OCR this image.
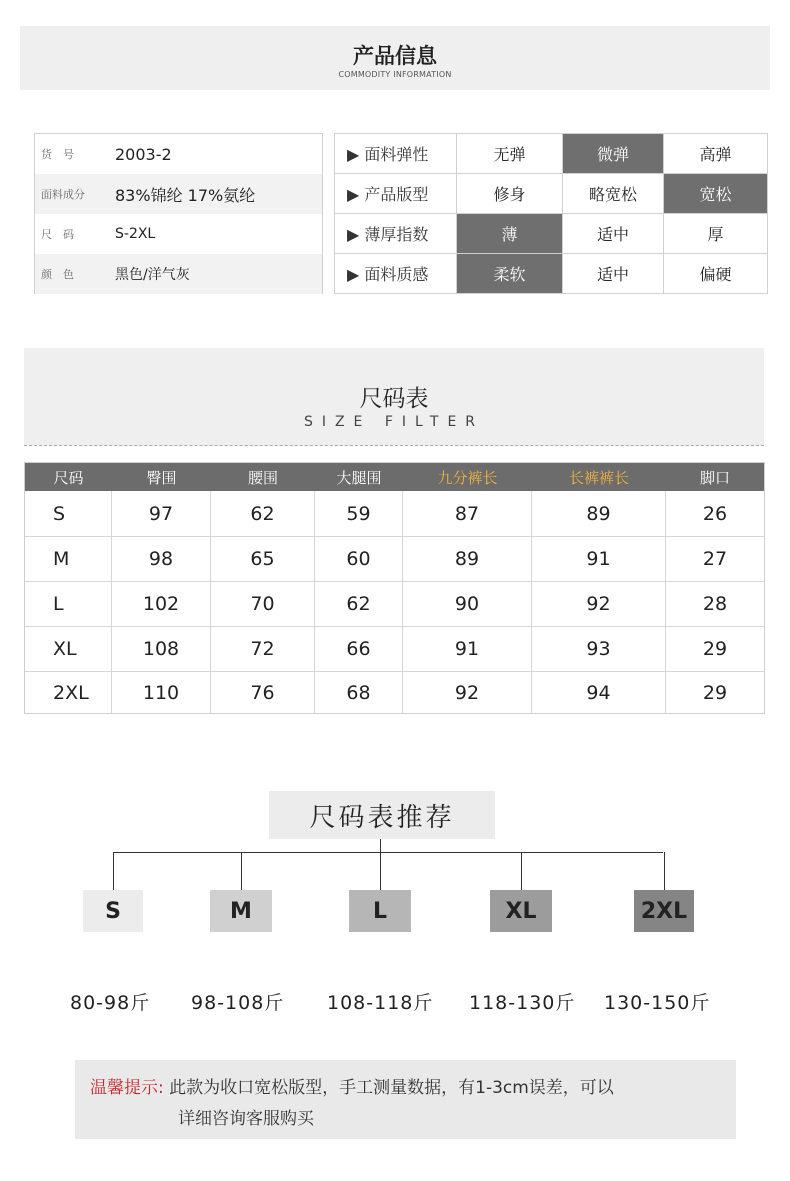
产品信息
COMMODITY INFORMATION
货　号	2003-2
面料成分	83%锦纶 17%氨纶
尺　码	S-2XL
颜　色	黑色/洋气灰
▶ 面料弹性	无弹	微弹	高弹
▶ 产品版型	修身	略宽松	宽松
▶ 薄厚指数	薄	适中	厚
▶ 面料质感	柔软	适中	偏硬
尺码表
SIZE FILTER
尺码	臀围	腰围	大腿围	九分裤长	长裤裤长	脚口
S	97	62	59	87	89	26
M	98	65	60	89	91	27
L	102	70	62	90	92	28
XL	108	72	66	91	93	29
2XL	110	76	68	92	94	29
尺码表推荐
S
80-98斤
M
98-108斤
L
108-118斤
XL
118-130斤
2XL
130-150斤
温馨提示: 此款为收口宽松版型，手工测量数据，有1-3cm误差，可以
详细咨询客服购买
